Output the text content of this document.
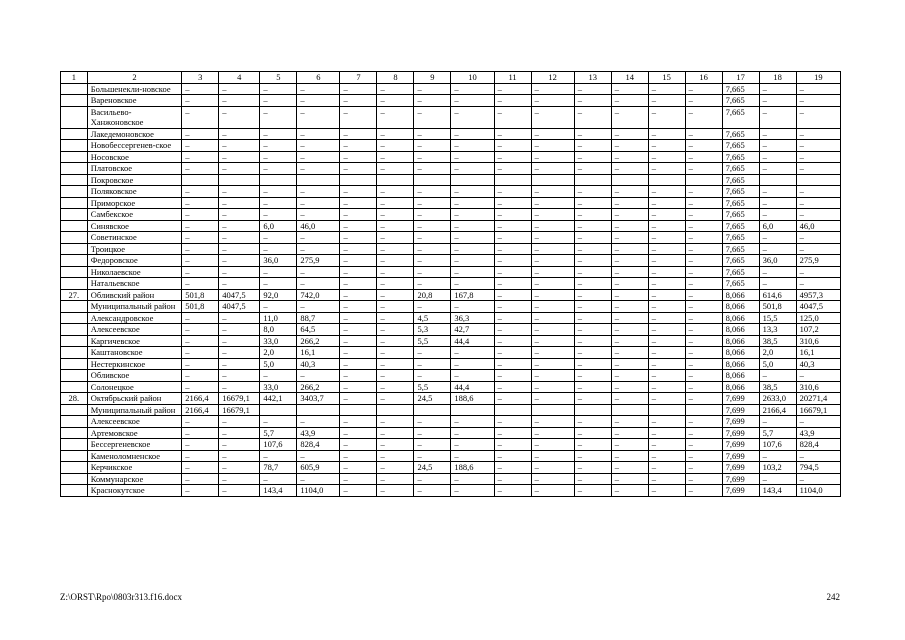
1	2	3	4	5	6	7	8	9	10	11	12	13	14	15	16	17	18	19
	Большенекли-новское	–	–	–	–	–	–	–	–	–	–	–	–	–	–	7,665	–	–
	Вареновское	–	–	–	–	–	–	–	–	–	–	–	–	–	–	7,665	–	–
	Васильево-Ханжоновское	–	–	–	–	–	–	–	–	–	–	–	–	–	–	7,665	–	–
	Лакедемоновское	–	–	–	–	–	–	–	–	–	–	–	–	–	–	7,665	–	–
	Новобессергенев-ское	–	–	–	–	–	–	–	–	–	–	–	–	–	–	7,665	–	–
	Носовское	–	–	–	–	–	–	–	–	–	–	–	–	–	–	7,665	–	–
	Платовское	–	–	–	–	–	–	–	–	–	–	–	–	–	–	7,665	–	–
	Покровское															7,665		
	Поляковское	–	–	–	–	–	–	–	–	–	–	–	–	–	–	7,665	–	–
	Приморское	–	–	–	–	–	–	–	–	–	–	–	–	–	–	7,665	–	–
	Самбекское	–	–	–	–	–	–	–	–	–	–	–	–	–	–	7,665	–	–
	Синявское	–	–	6,0	46,0	–	–	–	–	–	–	–	–	–	–	7,665	6,0	46,0
	Советинское	–	–	–	–	–	–	–	–	–	–	–	–	–	–	7,665	–	–
	Троицкое	–	–	–	–	–	–	–	–	–	–	–	–	–	–	7,665	–	–
	Федоровское	–	–	36,0	275,9	–	–	–	–	–	–	–	–	–	–	7,665	36,0	275,9
	Николаевское	–	–	–	–	–	–	–	–	–	–	–	–	–	–	7,665	–	–
	Натальевское	–	–	–	–	–	–	–	–	–	–	–	–	–	–	7,665	–	–
27.	Обливский район	501,8	4047,5	92,0	742,0	–	–	20,8	167,8	–	–	–	–	–	–	8,066	614,6	4957,3
	Муниципальный район	501,8	4047,5	–	–	–	–	–	–	–	–	–	–	–	–	8,066	501,8	4047,5
	Александровское	–	–	11,0	88,7	–	–	4,5	36,3	–	–	–	–	–	–	8,066	15,5	125,0
	Алексеевское	–	–	8,0	64,5	–	–	5,3	42,7	–	–	–	–	–	–	8,066	13,3	107,2
	Каргичевское	–	–	33,0	266,2	–	–	5,5	44,4	–	–	–	–	–	–	8,066	38,5	310,6
	Каштановское	–	–	2,0	16,1	–	–	–	–	–	–	–	–	–	–	8,066	2,0	16,1
	Нестеркинское	–	–	5,0	40,3	–	–	–	–	–	–	–	–	–	–	8,066	5,0	40,3
	Обливское	–	–	–	–	–	–	–	–	–	–	–	–	–	–	8,066	–	–
	Солонецкое	–	–	33,0	266,2	–	–	5,5	44,4	–	–	–	–	–	–	8,066	38,5	310,6
28.	Октябрьский район	2166,4	16679,1	442,1	3403,7	–	–	24,5	188,6	–	–	–	–	–	–	7,699	2633,0	20271,4
	Муниципальный район	2166,4	16679,1													7,699	2166,4	16679,1
	Алексеевское	–	–	–	–	–	–	–	–	–	–	–	–	–	–	7,699	–	–
	Артемовское	–	–	5,7	43,9	–	–	–	–	–	–	–	–	–	–	7,699	5,7	43,9
	Бессергеневское	–	–	107,6	828,4	–	–	–	–	–	–	–	–	–	–	7,699	107,6	828,4
	Каменоломненское	–	–	–	–	–	–	–	–	–	–	–	–	–	–	7,699	–	–
	Керчикское	–	–	78,7	605,9	–	–	24,5	188,6	–	–	–	–	–	–	7,699	103,2	794,5
	Коммунарское	–	–	–	–	–	–	–	–	–	–	–	–	–	–	7,699	–	–
	Краснокутское	–	–	143,4	1104,0	–	–	–	–	–	–	–	–	–	–	7,699	143,4	1104,0
Z:\ORST\Rpo\0803r313.f16.docx	242
